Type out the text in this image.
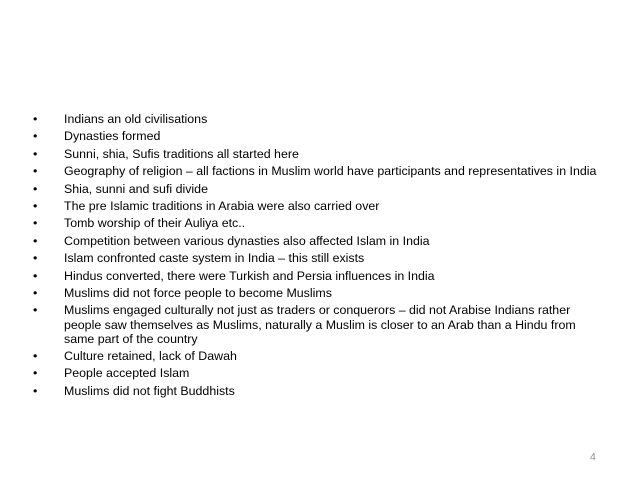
•	Indians an old civilisations
•	Dynasties formed
•	Sunni, shia, Sufis traditions all started here
•	Geography of religion – all factions in Muslim world have participants and representatives in India
•	Shia, sunni and sufi divide
•	The pre Islamic traditions in Arabia were also carried over
•	Tomb worship of their Auliya etc..
•	Competition between various dynasties also affected Islam in India
•	Islam confronted caste system in India – this still exists
•	Hindus converted, there were Turkish and Persia influences in India
•	Muslims did not force people to become Muslims
•	Muslims engaged culturally not just as traders or conquerors – did not Arabise Indians rather people saw themselves as Muslims, naturally a Muslim is closer to an Arab than a Hindu from same part of the country
•	Culture retained, lack of Dawah
•	People accepted Islam
•	Muslims did not fight Buddhists
4
